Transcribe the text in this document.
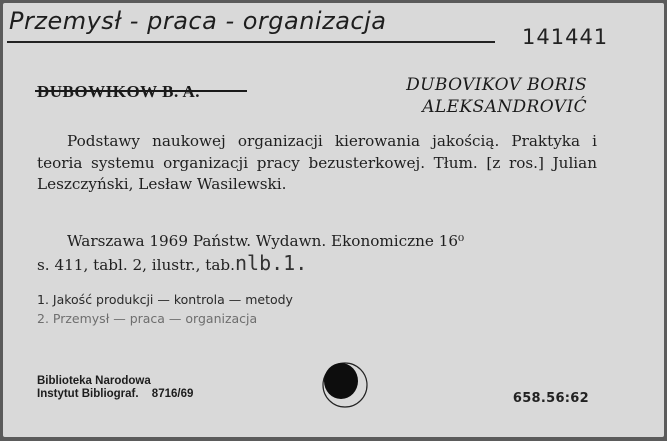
Przemysł - praca - organizacja
141441
DUBOVIKOV BORIS
ALEKSANDROVIĆ
Podstawy naukowej organizacji kierowania jakością. Praktyka i teoria systemu organizacji pracy bezusterkowej. Tłum. [z ros.] Julian Leszczyński, Lesław Wasilewski.
Warszawa 1969 Państw. Wydawn. Ekonomiczne 16⁰
s. 411, tabl. 2, ilustr., tab.nlb.1.
1. Jakość produkcji — kontrola — metody
2. Przemysł — praca — organizacja
Biblioteka Narodowa
Instytut Bibliograf. 8716/69	658.56:62
